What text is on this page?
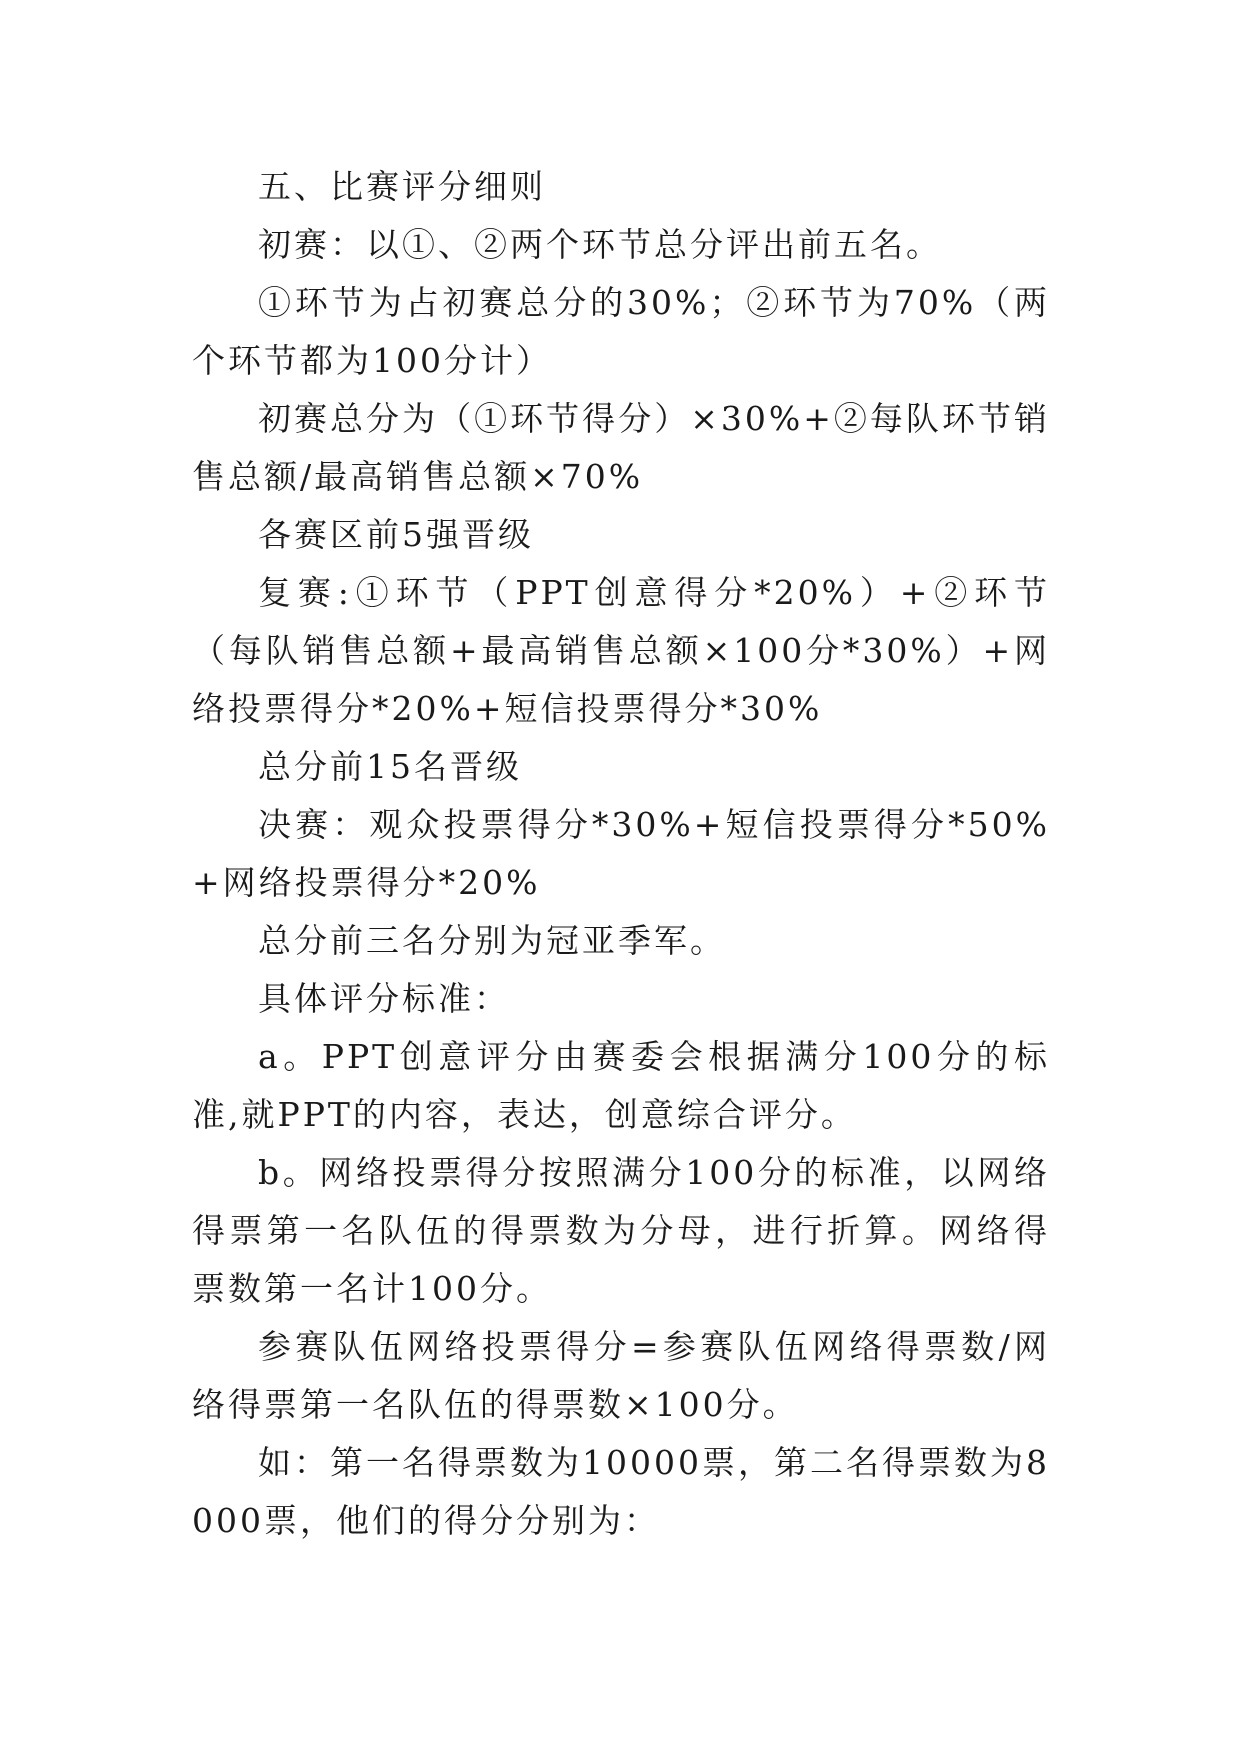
五、比赛评分细则

初赛：以①、②两个环节总分评出前五名。

①环节为占初赛总分的30%；②环节为70%（两个环节都为100分计）

初赛总分为（①环节得分）×30%+②每队环节销售总额/最高销售总额×70%

各赛区前5强晋级

复赛:①环节（PPT创意得分*20%）+②环节（每队销售总额+最高销售总额×100分*30%）+网络投票得分*20%+短信投票得分*30%

总分前15名晋级

决赛：观众投票得分*30%+短信投票得分*50%+网络投票得分*20%

总分前三名分别为冠亚季军。

具体评分标准：

a。PPT创意评分由赛委会根据满分100分的标准,就PPT的内容，表达，创意综合评分。

b。网络投票得分按照满分100分的标准，以网络得票第一名队伍的得票数为分母，进行折算。网络得票数第一名计100分。

参赛队伍网络投票得分=参赛队伍网络得票数/网络得票第一名队伍的得票数×100分。

如：第一名得票数为10000票，第二名得票数为8000票，他们的得分分别为：
